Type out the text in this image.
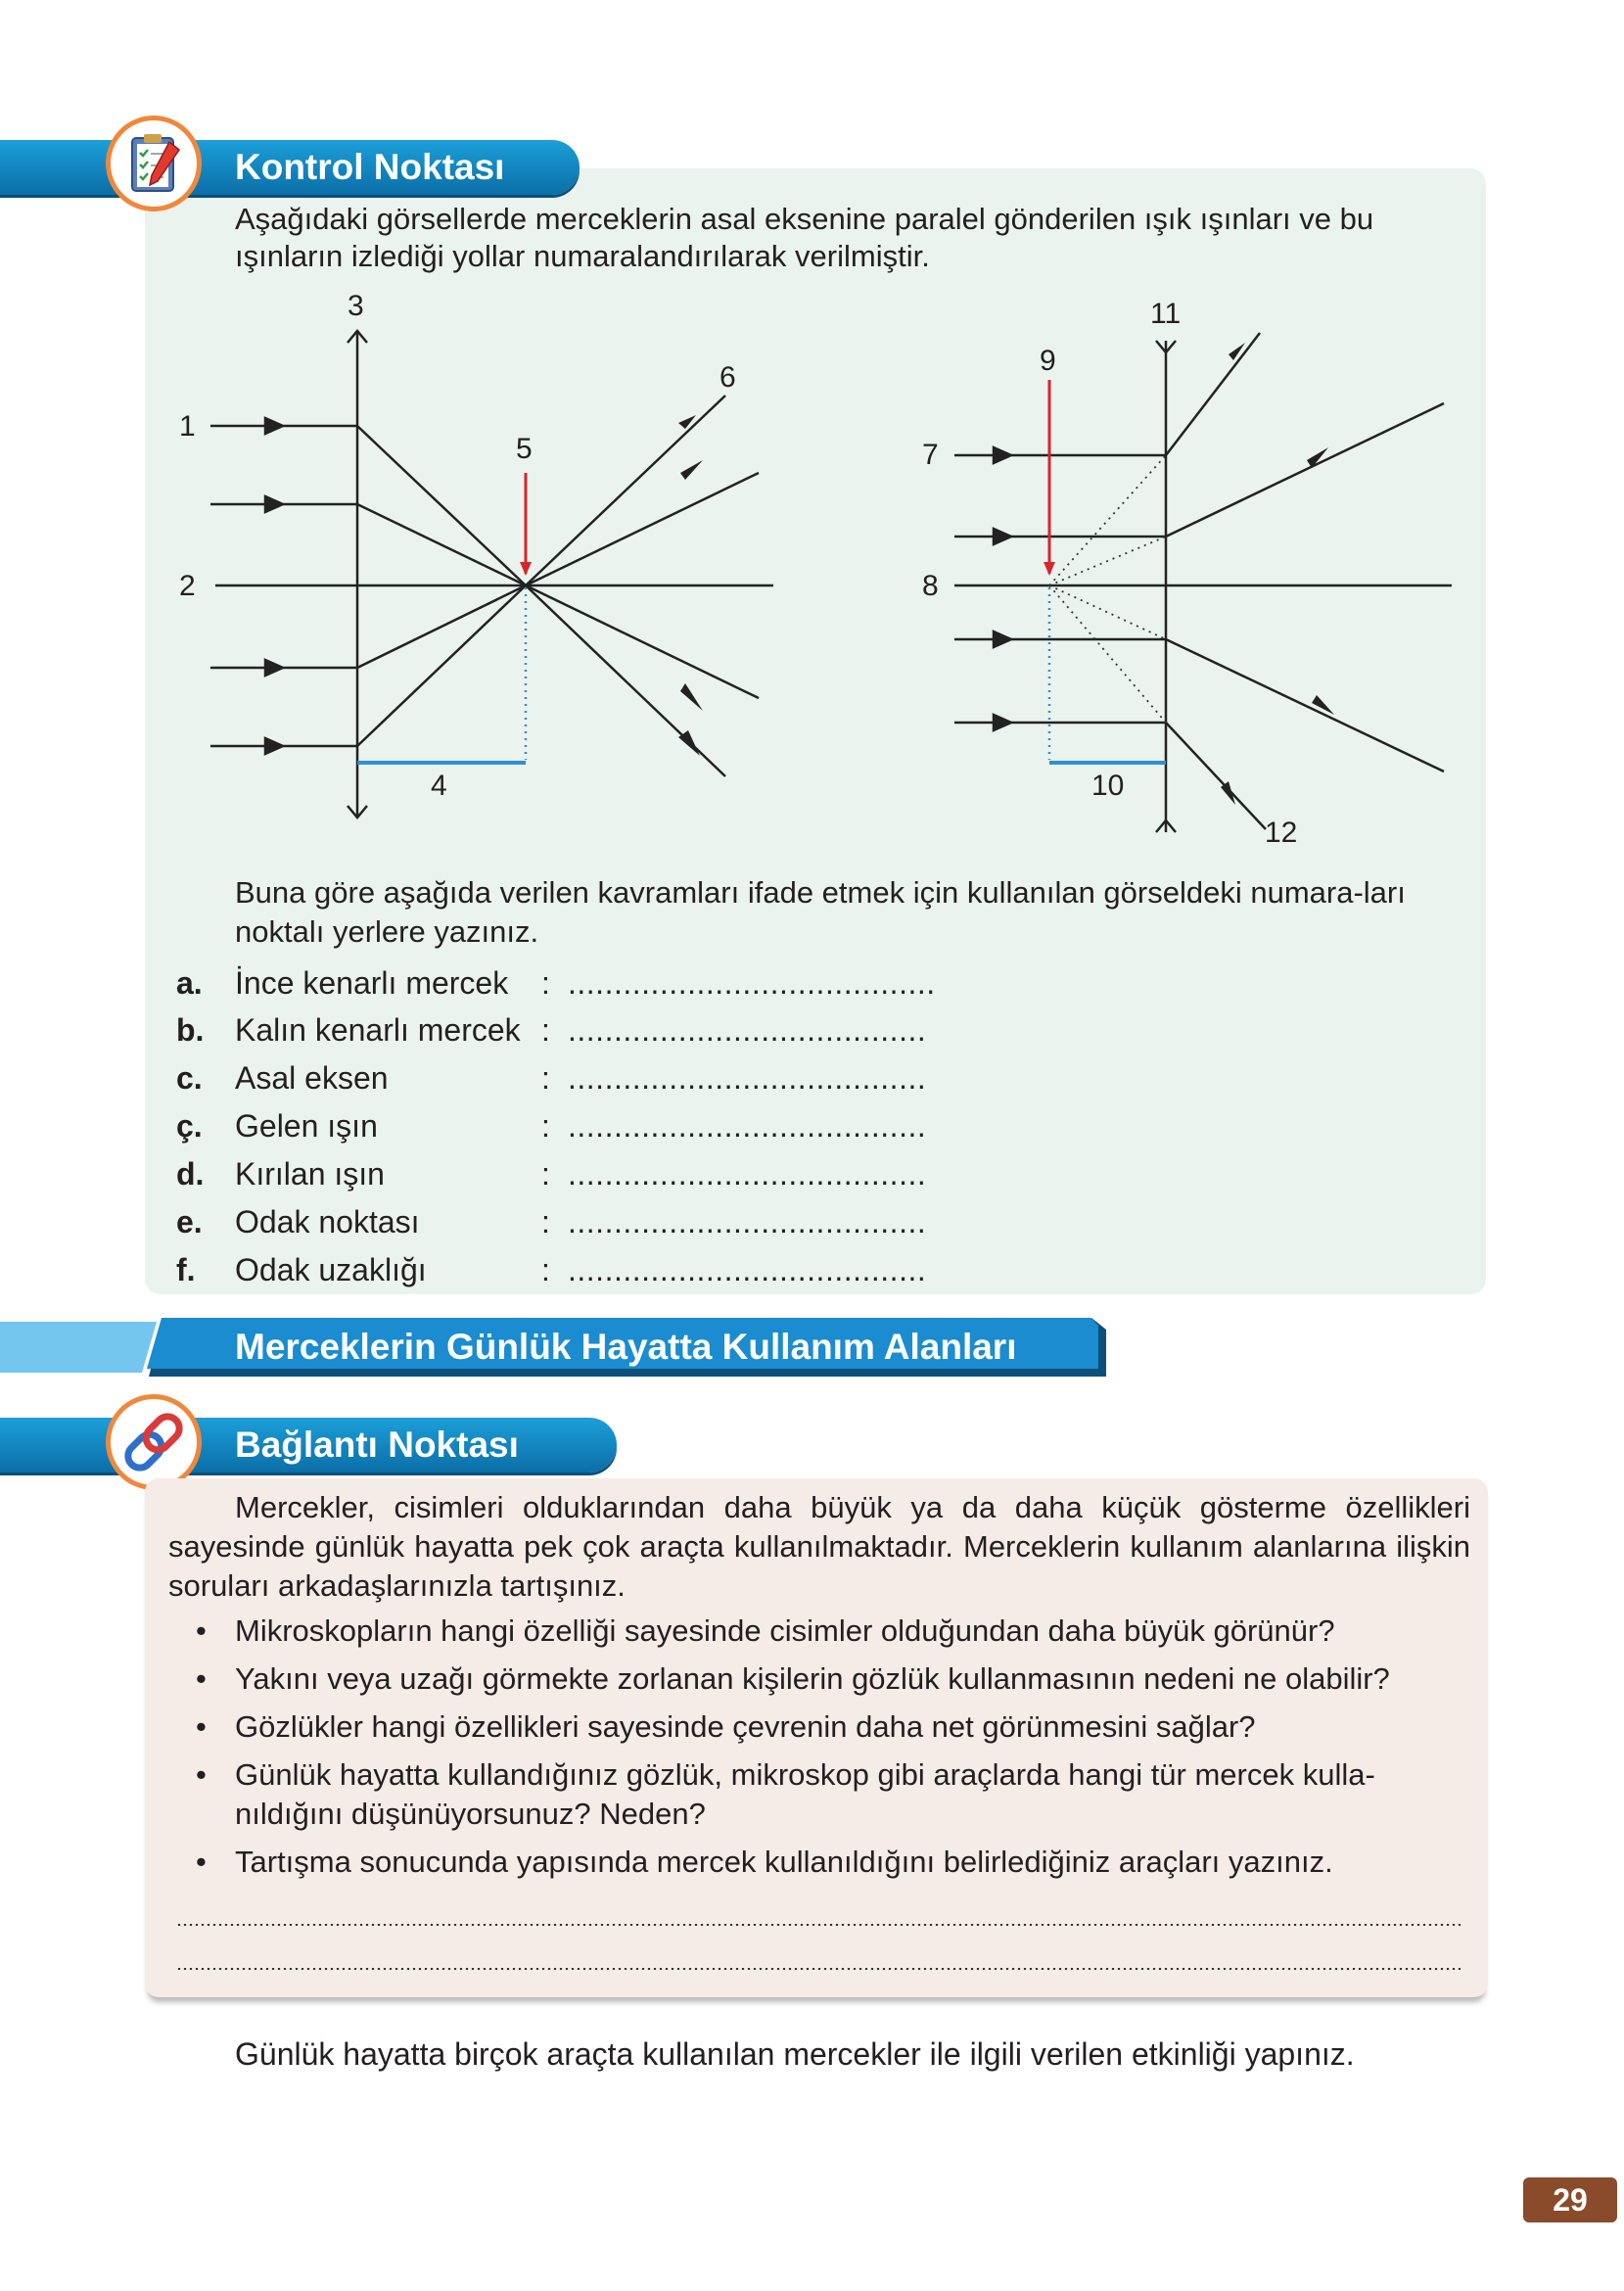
Kontrol Noktası
Aşağıdaki görsellerde merceklerin asal eksenine paralel gönderilen ışık ışınları ve bu ışınların izlediği yollar numaralandırılarak verilmiştir.
1
2
3
4
5
6
7
8
9
10
11
12
Buna göre aşağıda verilen kavramları ifade etmek için kullanılan görseldeki numara-ları noktalı yerlere yazınız.
a.	İnce kenarlı mercek : ........................................
b. Kalın kenarlı mercek : .......................................
c.	Asal eksen	: .......................................
ç.	Gelen ışın	: .......................................
d. Kırılan ışın	: .......................................
e.	Odak noktası	: .......................................
f.	Odak uzaklığı	: .......................................
Merceklerin Günlük Hayatta Kullanım Alanları
Bağlantı Noktası

Mercekler, cisimleri olduklarından daha büyük ya da daha küçük gösterme özellikleri sayesinde günlük hayatta pek çok araçta kullanılmaktadır. Merceklerin kullanım alanlarına ilişkin soruları arkadaşlarınızla tartışınız.

• Mikroskopların hangi özelliği sayesinde cisimler olduğundan daha büyük görünür?
• Yakını veya uzağı görmekte zorlanan kişilerin gözlük kullanmasının nedeni ne olabilir?
• Gözlükler hangi özellikleri sayesinde çevrenin daha net görünmesini sağlar?
• Günlük hayatta kullandığınız gözlük, mikroskop gibi araçlarda hangi tür mercek kulla-nıldığını düşünüyorsunuz? Neden?
• Tartışma sonucunda yapısında mercek kullanıldığını belirlediğiniz araçları yazınız.
Günlük hayatta birçok araçta kullanılan mercekler ile ilgili verilen etkinliği yapınız.
29
